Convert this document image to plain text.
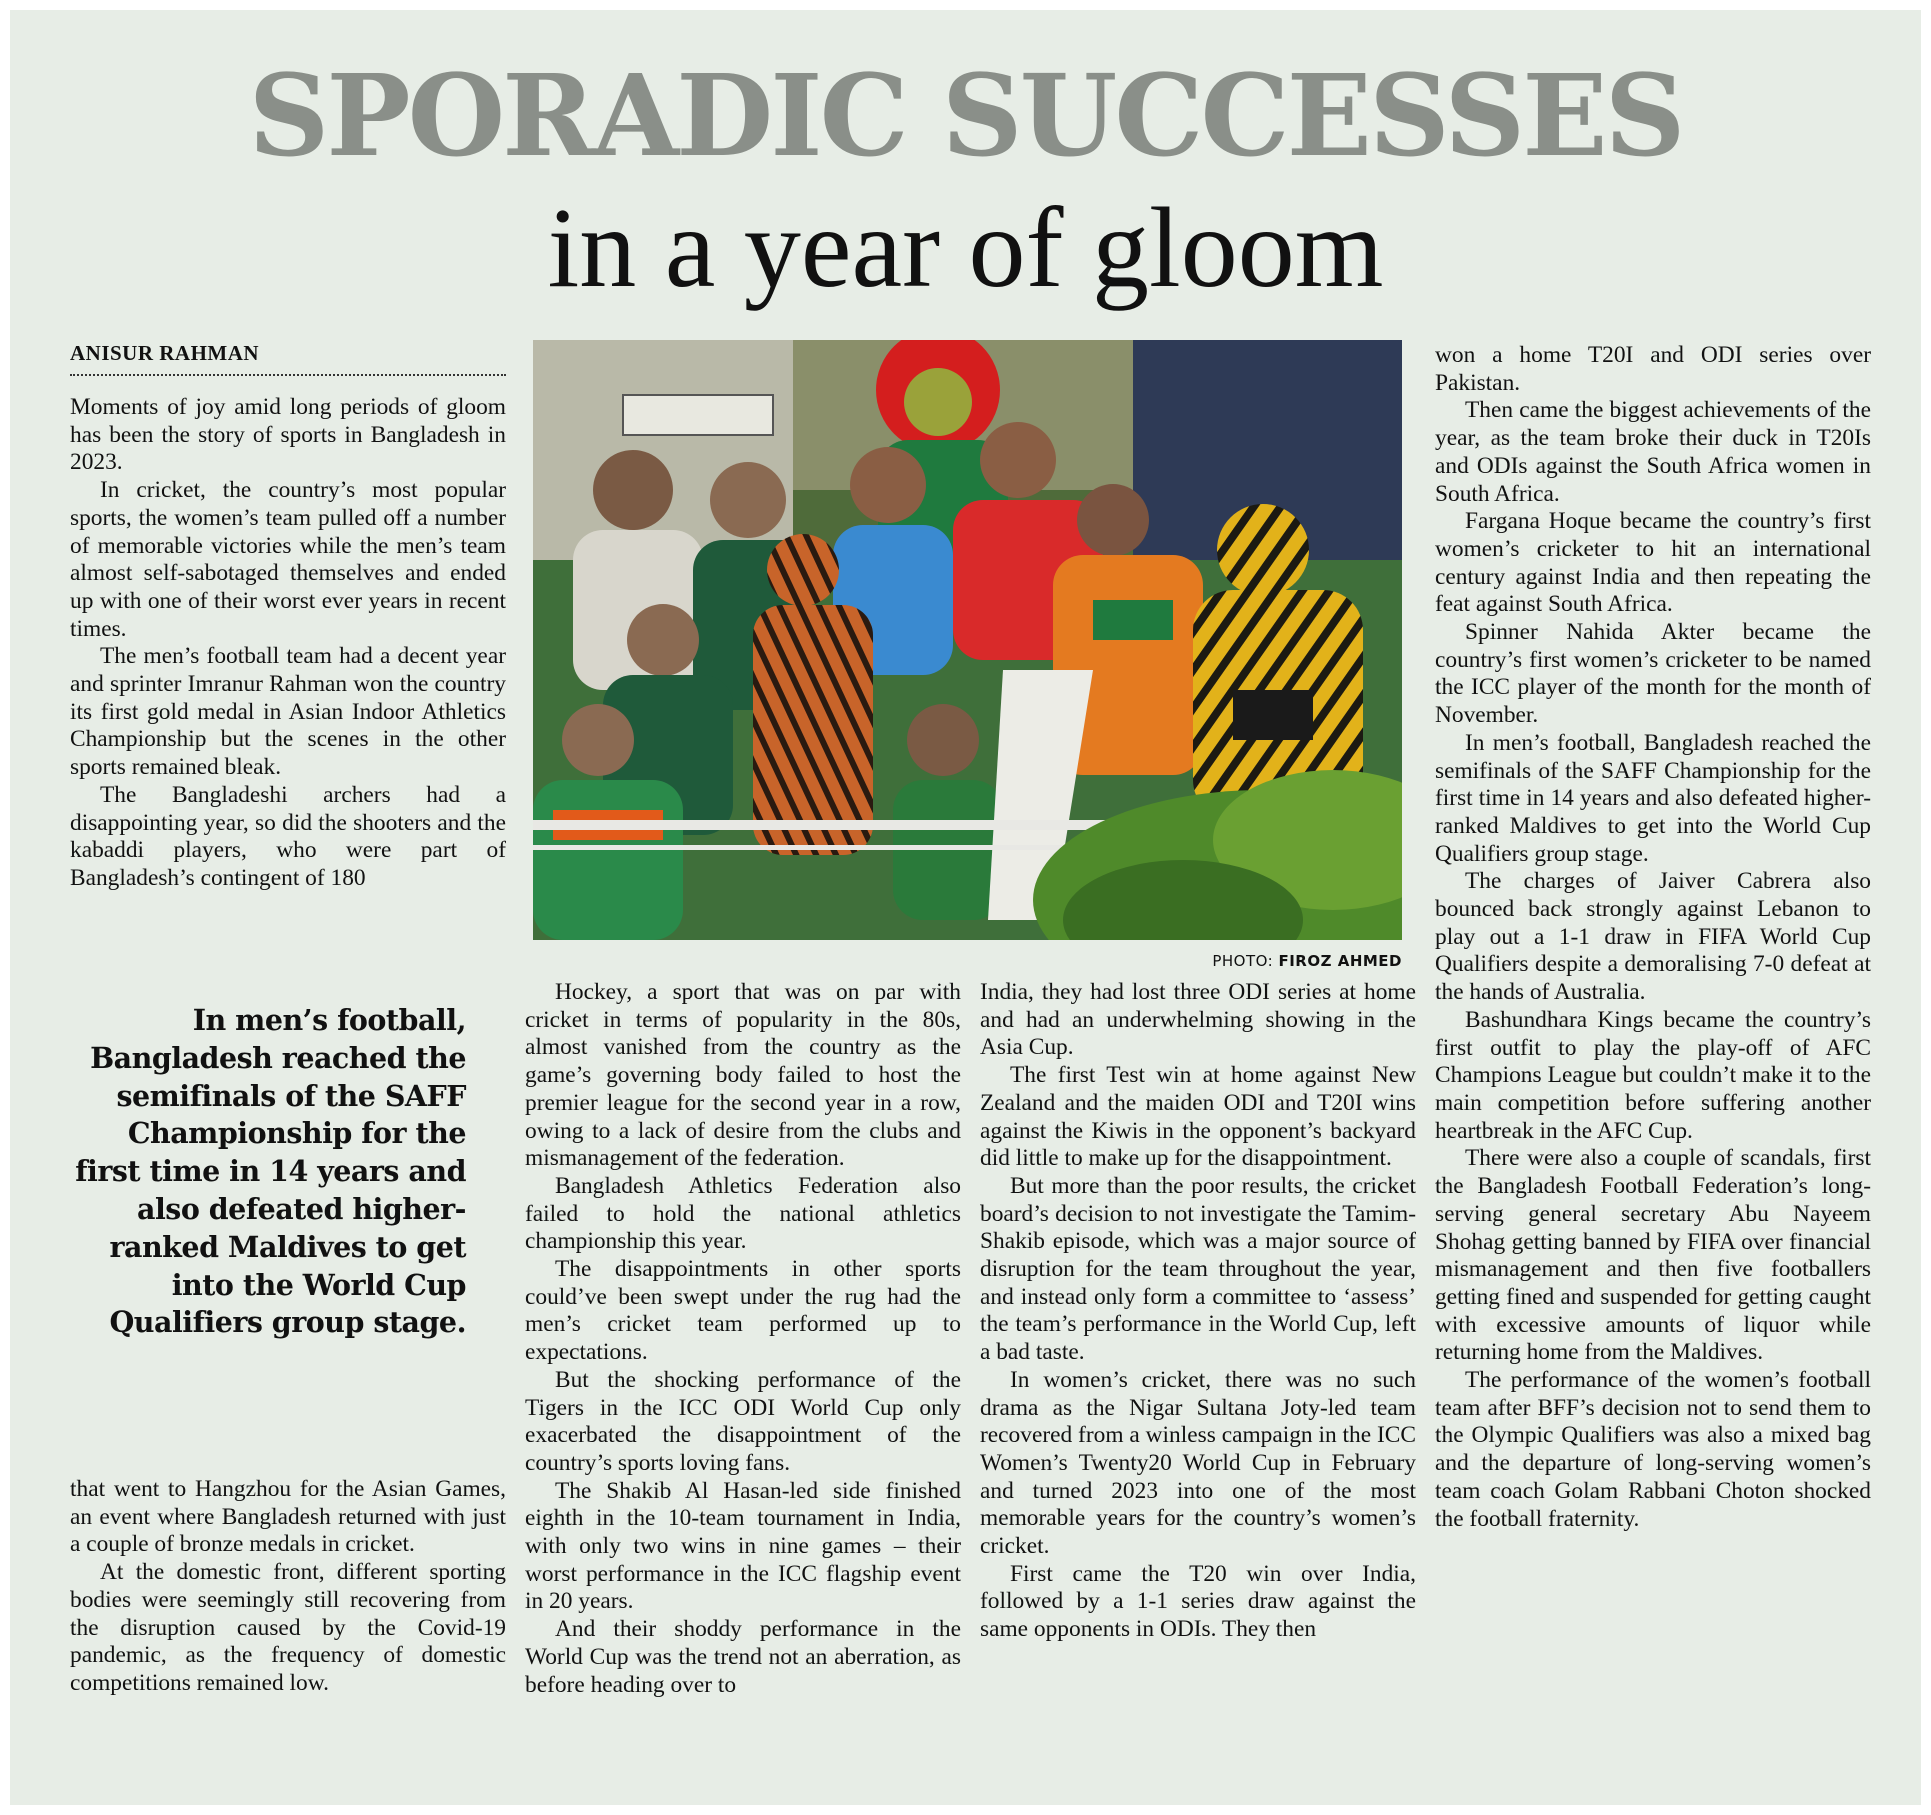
SPORADIC SUCCESSES
in a year of gloom
ANISUR RAHMAN

Moments of joy amid long periods of gloom has been the story of sports in Bangladesh in 2023.

In cricket, the country’s most popular sports, the women’s team pulled off a number of memorable victories while the men’s team almost self-sabotaged themselves and ended up with one of their worst ever years in recent times.

The men’s football team had a decent year and sprinter Imranur Rahman won the country its first gold medal in Asian Indoor Athletics Championship but the scenes in the other sports remained bleak.

The Bangladeshi archers had a disappointing year, so did the shooters and the kabaddi players, who were part of Bangladesh’s contingent of 180

In men’s football, Bangladesh reached the semifinals of the SAFF Championship for the first time in 14 years and also defeated higher-ranked Maldives to get into the World Cup Qualifiers group stage.

that went to Hangzhou for the Asian Games, an event where Bangladesh returned with just a couple of bronze medals in cricket.

At the domestic front, different sporting bodies were seemingly still recovering from the disruption caused by the Covid-19 pandemic, as the frequency of domestic competitions remained low.

PHOTO: FIROZ AHMED

Hockey, a sport that was on par with cricket in terms of popularity in the 80s, almost vanished from the country as the game’s governing body failed to host the premier league for the second year in a row, owing to a lack of desire from the clubs and mismanagement of the federation.

Bangladesh Athletics Federation also failed to hold the national athletics championship this year.

The disappointments in other sports could’ve been swept under the rug had the men’s cricket team performed up to expectations.

But the shocking performance of the Tigers in the ICC ODI World Cup only exacerbated the disappointment of the country’s sports loving fans.

The Shakib Al Hasan-led side finished eighth in the 10-team tournament in India, with only two wins in nine games – their worst performance in the ICC flagship event in 20 years.

And their shoddy performance in the World Cup was the trend not an aberration, as before heading over to

India, they had lost three ODI series at home and had an underwhelming showing in the Asia Cup.

The first Test win at home against New Zealand and the maiden ODI and T20I wins against the Kiwis in the opponent’s backyard did little to make up for the disappointment.

But more than the poor results, the cricket board’s decision to not investigate the Tamim-Shakib episode, which was a major source of disruption for the team throughout the year, and instead only form a committee to ‘assess’ the team’s performance in the World Cup, left a bad taste.

In women’s cricket, there was no such drama as the Nigar Sultana Joty-led team recovered from a winless campaign in the ICC Women’s Twenty20 World Cup in February and turned 2023 into one of the most memorable years for the country’s women’s cricket.

First came the T20 win over India, followed by a 1-1 series draw against the same opponents in ODIs. They then

won a home T20I and ODI series over Pakistan.

Then came the biggest achievements of the year, as the team broke their duck in T20Is and ODIs against the South Africa women in South Africa.

Fargana Hoque became the country’s first women’s cricketer to hit an international century against India and then repeating the feat against South Africa.

Spinner Nahida Akter became the country’s first women’s cricketer to be named the ICC player of the month for the month of November.

In men’s football, Bangladesh reached the semifinals of the SAFF Championship for the first time in 14 years and also defeated higher-ranked Maldives to get into the World Cup Qualifiers group stage.

The charges of Jaiver Cabrera also bounced back strongly against Lebanon to play out a 1-1 draw in FIFA World Cup Qualifiers despite a demoralising 7-0 defeat at the hands of Australia.

Bashundhara Kings became the country’s first outfit to play the play-off of AFC Champions League but couldn’t make it to the main competition before suffering another heartbreak in the AFC Cup.

There were also a couple of scandals, first the Bangladesh Football Federation’s long-serving general secretary Abu Nayeem Shohag getting banned by FIFA over financial mismanagement and then five footballers getting fined and suspended for getting caught with excessive amounts of liquor while returning home from the Maldives.

The performance of the women’s football team after BFF’s decision not to send them to the Olympic Qualifiers was also a mixed bag and the departure of long-serving women’s team coach Golam Rabbani Choton shocked the football fraternity.
